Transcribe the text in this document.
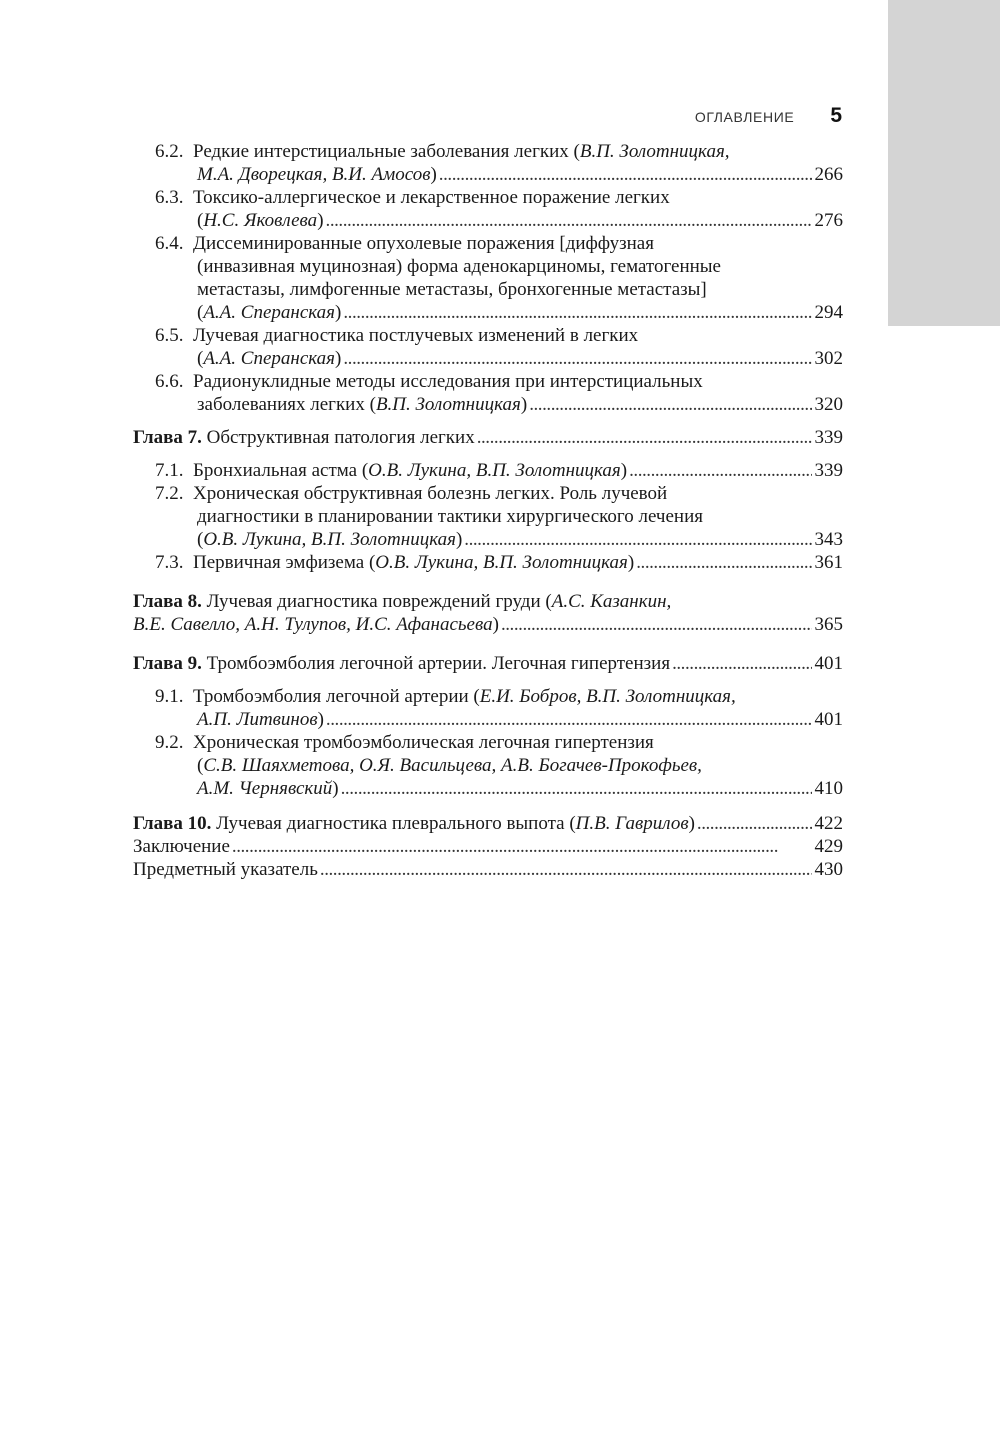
ОГЛАВЛЕНИЕ 5
6.2. Редкие интерстициальные заболевания легких (В.П. Золотницкая,
М.А. Дворецкая, В.И. Амосов) . . .	266
6.3. Токсико-аллергическое и лекарственное поражение легких
(Н.С. Яковлева) . . .	276
6.4. Диссеминированные опухолевые поражения [диффузная
(инвазивная муцинозная) форма аденокарциномы, гематогенные
метастазы, лимфогенные метастазы, бронхогенные метастазы]
(А.А. Сперанская) . . .	294
6.5. Лучевая диагностика постлучевых изменений в легких
(А.А. Сперанская) . . .	302
6.6. Радионуклидные методы исследования при интерстициальных
заболеваниях легких (В.П. Золотницкая) . . .	320
Глава 7. Обструктивная патология легких . . .	339
7.1. Бронхиальная астма (О.В. Лукина, В.П. Золотницкая) . . .	339
7.2. Хроническая обструктивная болезнь легких. Роль лучевой
диагностики в планировании тактики хирургического лечения
(О.В. Лукина, В.П. Золотницкая) . . .	343
7.3. Первичная эмфизема (О.В. Лукина, В.П. Золотницкая) . . .	361
Глава 8. Лучевая диагностика повреждений груди (А.С. Казанкин,
В.Е. Савелло, А.Н. Тулупов, И.С. Афанасьева) . . .	365
Глава 9. Тромбоэмболия легочной артерии. Легочная гипертензия . . .	401
9.1. Тромбоэмболия легочной артерии (Е.И. Бобров, В.П. Золотницкая,
А.П. Литвинов) . . .	401
9.2. Хроническая тромбоэмболическая легочная гипертензия
(С.В. Шаяхметова, О.Я. Васильцева, А.В. Богачев-Прокофьев,
А.М. Чернявский) . . .	410
Глава 10. Лучевая диагностика плеврального выпота (П.В. Гаврилов) . . .	422
Заключение . . .	429
Предметный указатель . . .	430
